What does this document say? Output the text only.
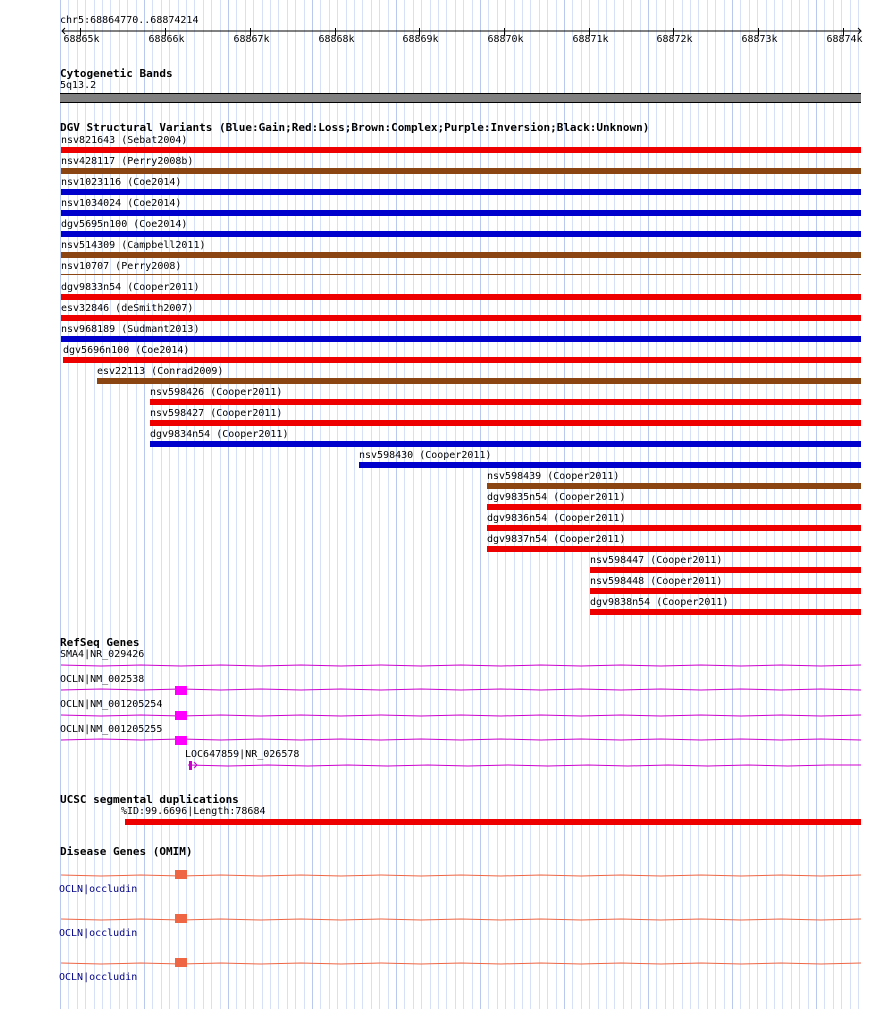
chr5:68864770..68874214
68865k	68866k	68867k	68868k	68869k	68870k	68871k	68872k	68873k	68874k
Cytogenetic Bands
5q13.2
DGV Structural Variants (Blue:Gain;Red:Loss;Brown:Complex;Purple:Inversion;Black:Unknown)
nsv821643 (Sebat2004)
nsv428117 (Perry2008b)
nsv1023116 (Coe2014)
nsv1034024 (Coe2014)
dgv5695n100 (Coe2014)
nsv514309 (Campbell2011)
nsv10707 (Perry2008)
dgv9833n54 (Cooper2011)
esv32846 (deSmith2007)
nsv968189 (Sudmant2013)
dgv5696n100 (Coe2014)
esv22113 (Conrad2009)
nsv598426 (Cooper2011)
nsv598427 (Cooper2011)
dgv9834n54 (Cooper2011)
nsv598430 (Cooper2011)
nsv598439 (Cooper2011)
dgv9835n54 (Cooper2011)
dgv9836n54 (Cooper2011)
dgv9837n54 (Cooper2011)
nsv598447 (Cooper2011)
nsv598448 (Cooper2011)
dgv9838n54 (Cooper2011)
RefSeq Genes
SMA4|NR_029426
OCLN|NM_002538
OCLN|NM_001205254
OCLN|NM_001205255
LOC647859|NR_026578
UCSC segmental duplications
%ID:99.6696|Length:78684
Disease Genes (OMIM)
OCLN|occludin
OCLN|occludin
OCLN|occludin
